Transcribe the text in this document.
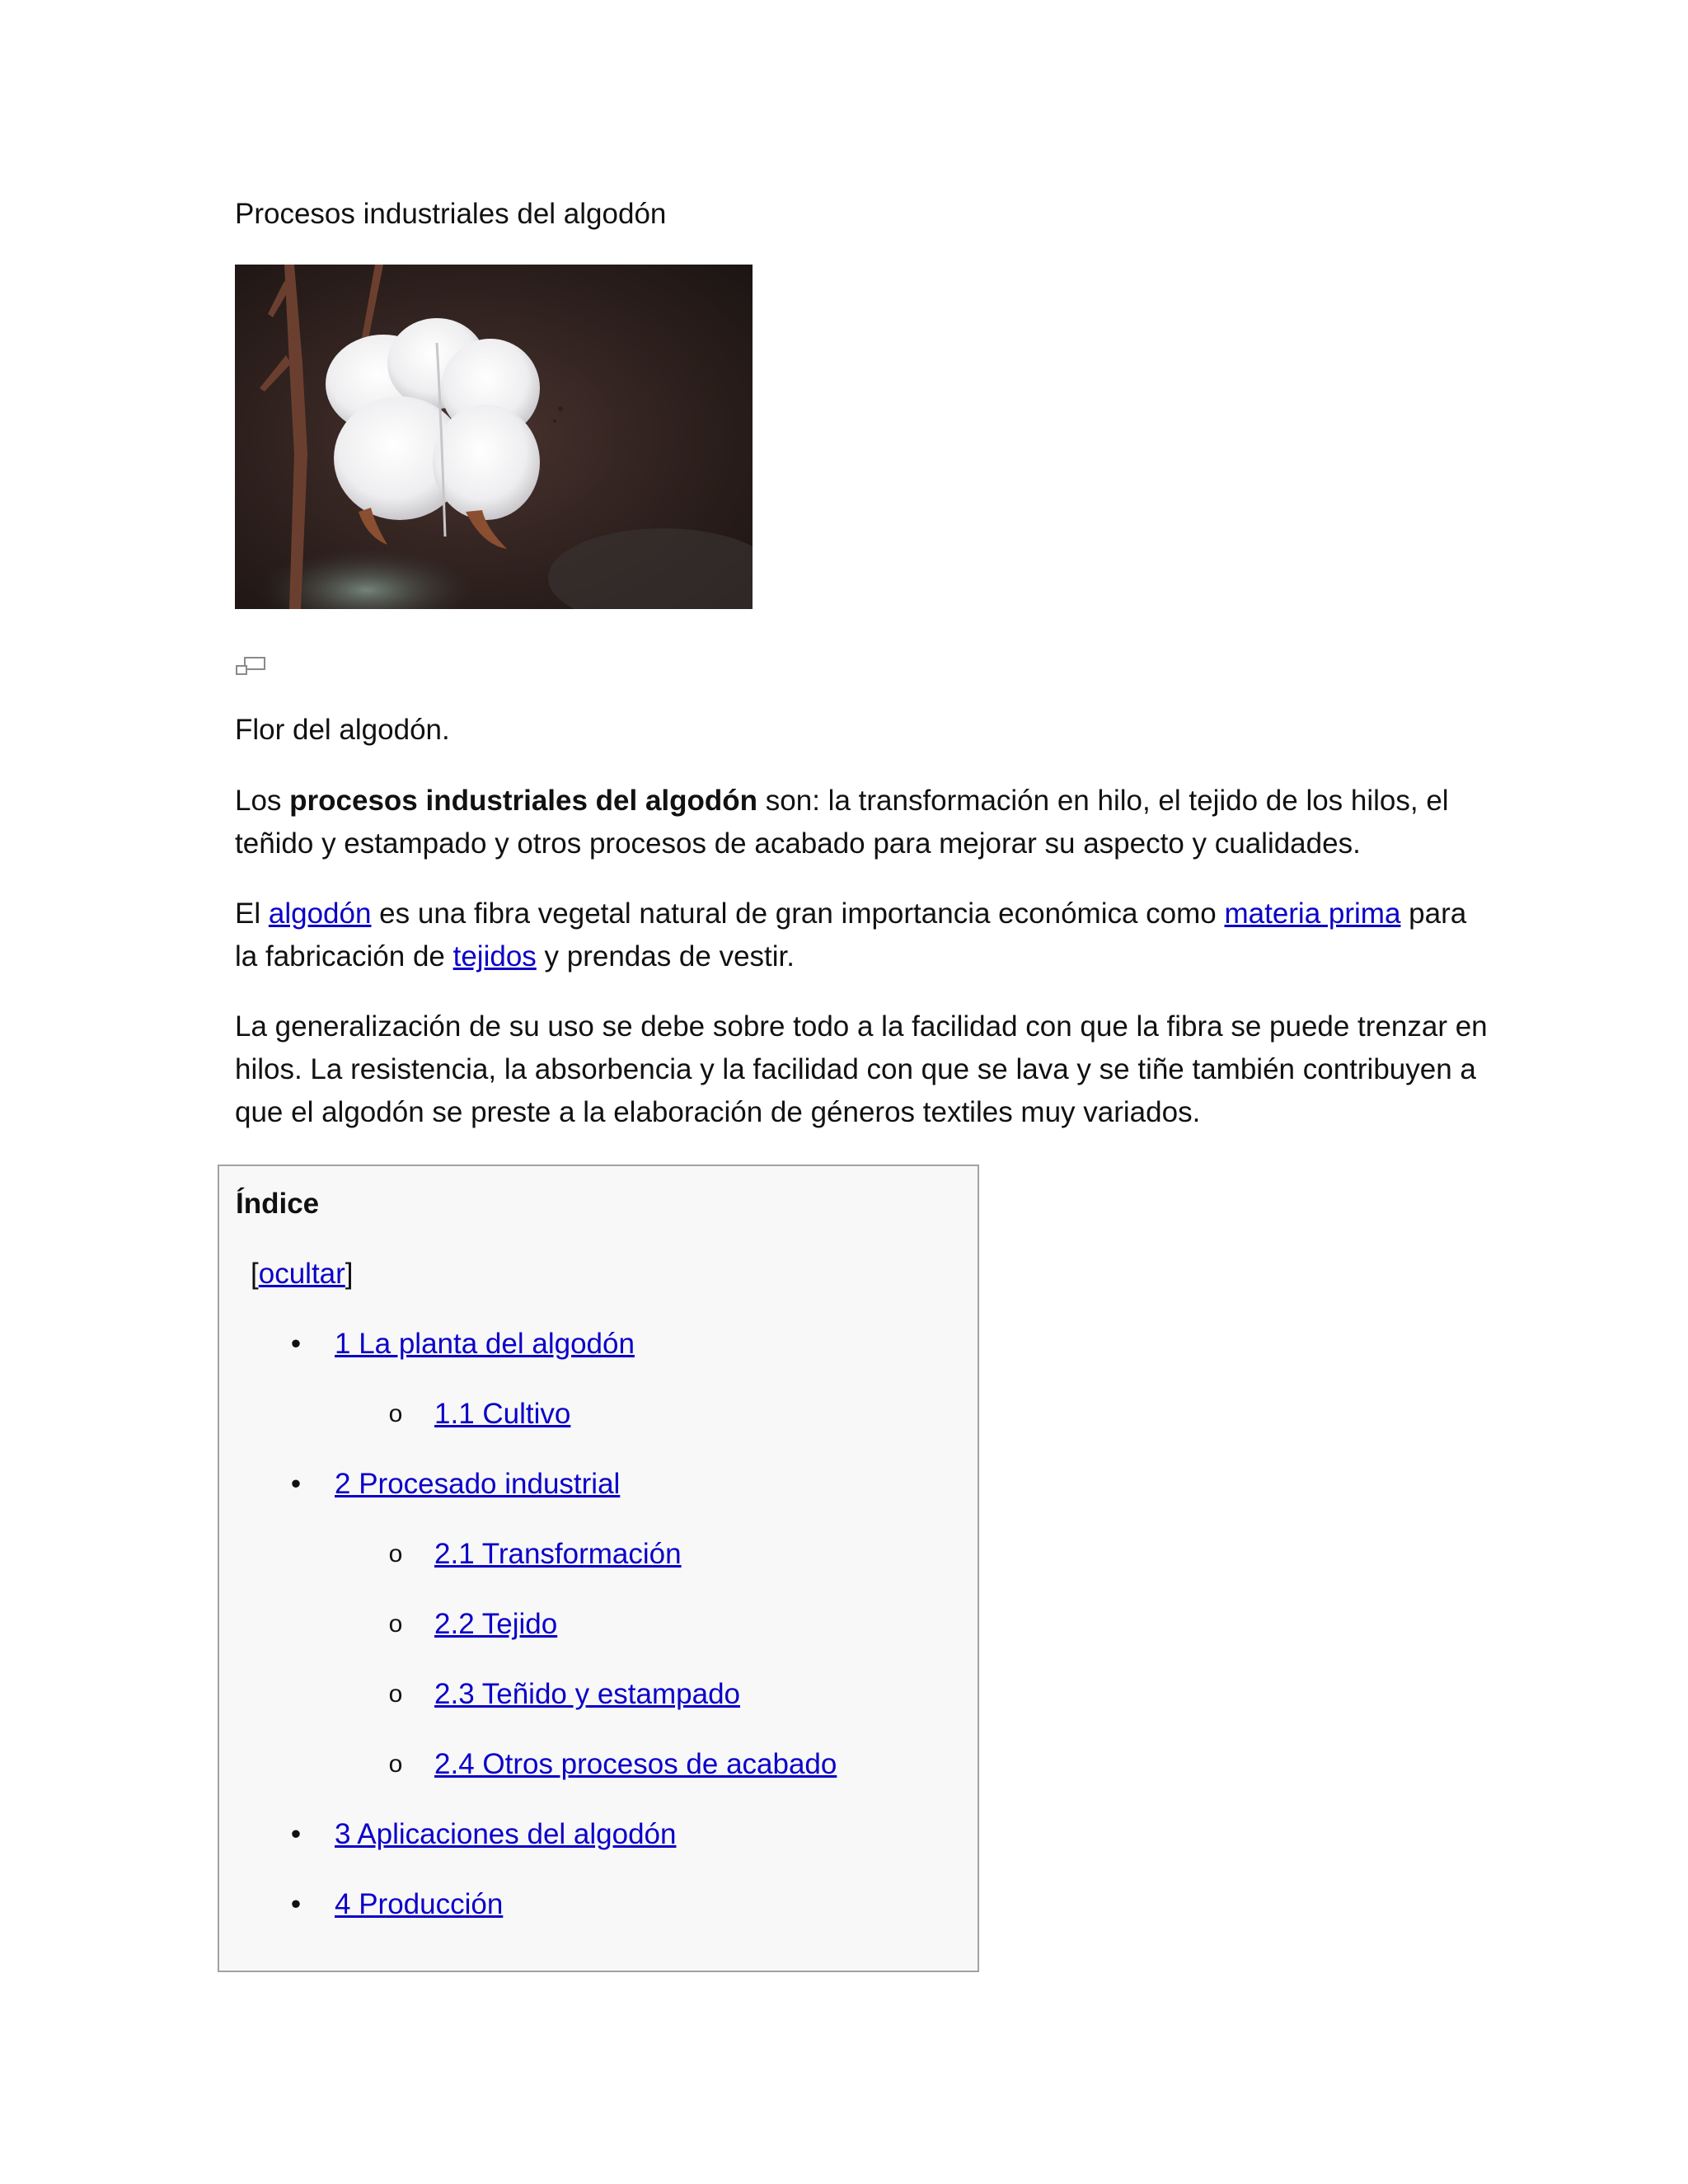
Procesos industriales del algodón

Flor del algodón.

Los procesos industriales del algodón son: la transformación en hilo, el tejido de los hilos, el teñido y estampado y otros procesos de acabado para mejorar su aspecto y cualidades.

El algodón es una fibra vegetal natural de gran importancia económica como materia prima para la fabricación de tejidos y prendas de vestir.

La generalización de su uso se debe sobre todo a la facilidad con que la fibra se puede trenzar en hilos. La resistencia, la absorbencia y la facilidad con que se lava y se tiñe también contribuyen a que el algodón se preste a la elaboración de géneros textiles muy variados.

Índice

[ocultar]
• 1 La planta del algodón
o 1.1 Cultivo
• 2 Procesado industrial
o 2.1 Transformación
o 2.2 Tejido
o 2.3 Teñido y estampado
o 2.4 Otros procesos de acabado
• 3 Aplicaciones del algodón
• 4 Producción
